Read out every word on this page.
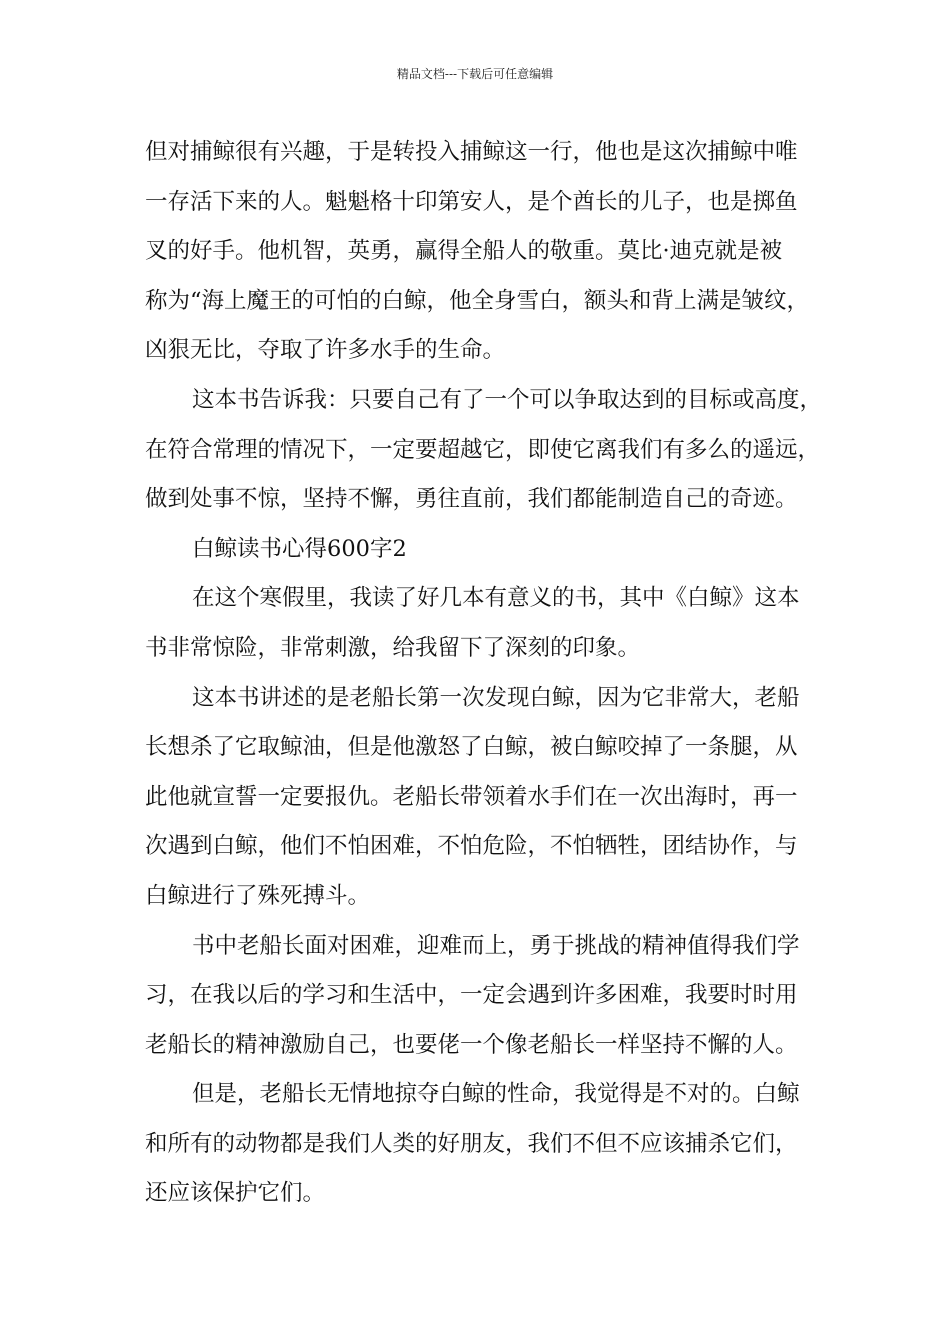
精品文档---下载后可任意编辑
但对捕鲸很有兴趣，于是转投入捕鲸这一行，他也是这次捕鲸中唯
一存活下来的人。魁魁格十印第安人，是个酋长的儿子，也是掷鱼
叉的好手。他机智，英勇，赢得全船人的敬重。莫比·迪克就是被
称为“海上魔王的可怕的白鲸，他全身雪白，额头和背上满是皱纹，
凶狠无比，夺取了许多水手的生命。
这本书告诉我：只要自己有了一个可以争取达到的目标或高度，
在符合常理的情况下，一定要超越它，即使它离我们有多么的遥远，
做到处事不惊，坚持不懈，勇往直前，我们都能制造自己的奇迹。
白鲸读书心得600字2
在这个寒假里，我读了好几本有意义的书，其中《白鲸》这本
书非常惊险，非常刺激，给我留下了深刻的印象。
这本书讲述的是老船长第一次发现白鲸，因为它非常大，老船
长想杀了它取鲸油，但是他激怒了白鲸，被白鲸咬掉了一条腿，从
此他就宣誓一定要报仇。老船长带领着水手们在一次出海时，再一
次遇到白鲸，他们不怕困难，不怕危险，不怕牺牲，团结协作，与
白鲸进行了殊死搏斗。
书中老船长面对困难，迎难而上，勇于挑战的精神值得我们学
习，在我以后的学习和生活中，一定会遇到许多困难，我要时时用
老船长的精神激励自己，也要佬一个像老船长一样坚持不懈的人。
但是，老船长无情地掠夺白鲸的性命，我觉得是不对的。白鲸
和所有的动物都是我们人类的好朋友，我们不但不应该捕杀它们，
还应该保护它们。
